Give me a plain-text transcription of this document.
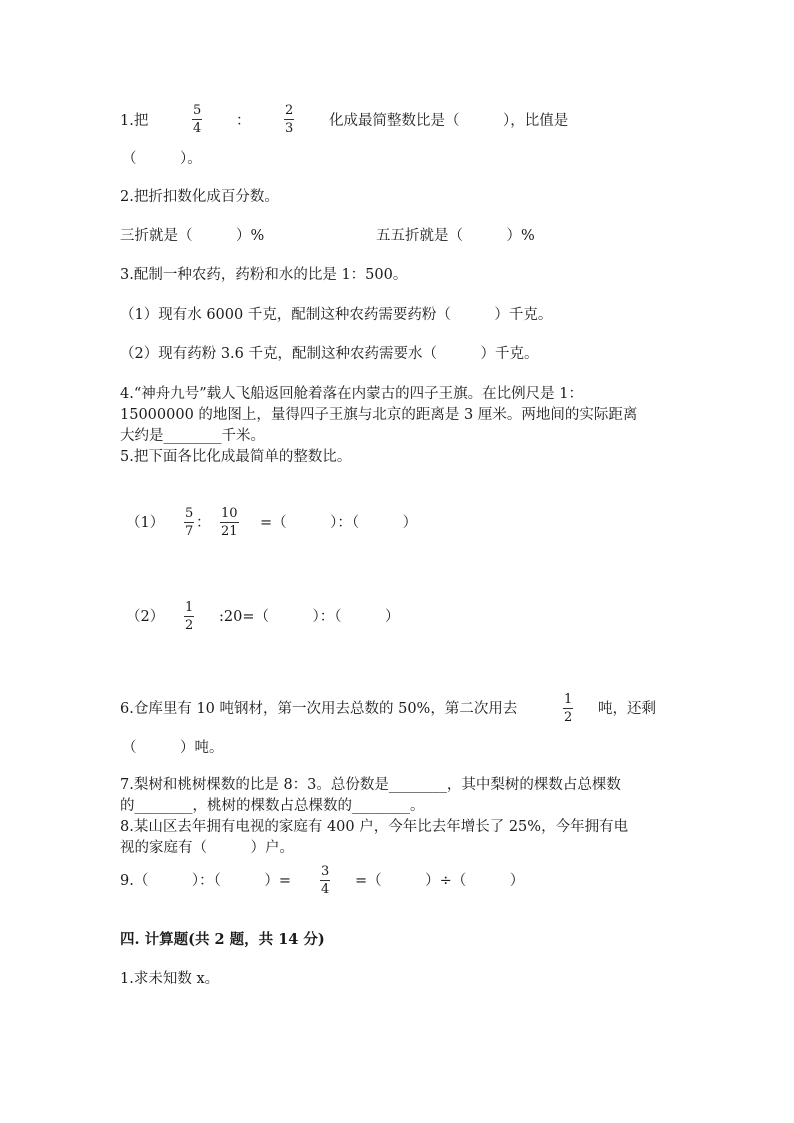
1.把
5
4 ：
2
3 化成最简整数比是（　　　），比值是
（　　　）。
2.把折扣数化成百分数。
三折就是（　　　）%	五五折就是（　　　）%
3.配制一种农药，药粉和水的比是 1：500。
（1）现有水 6000 千克，配制这种农药需要药粉（　　　）千克。
（2）现有药粉 3.6 千克，配制这种农药需要水（　　　）千克。
4.“神舟九号”载人飞船返回舱着落在内蒙古的四子王旗。在比例尺是 1：
15000000 的地图上，量得四子王旗与北京的距离是 3 厘米。两地间的实际距离
大约是________千米。
5.把下面各比化成最简单的整数比。
（1）
5
7
：
10
21
=（　　　）：（　　　）
（2）
1
2
:20=（　　　）：（　　　）
6.仓库里有 10 吨钢材，第一次用去总数的 50%，第二次用去
1
2
吨，还剩
（　　　）吨。
7.梨树和桃树棵数的比是 8：3。总份数是________，其中梨树的棵数占总棵数
的________，桃树的棵数占总棵数的________。
8.某山区去年拥有电视的家庭有 400 户，今年比去年增长了 25%，今年拥有电
视的家庭有（　　　）户。
9.（　　　）：（　　　）=
3
4
=（　　　）÷（　　　）
四. 计算题(共 2 题，共 14 分)
1.求未知数 x。
